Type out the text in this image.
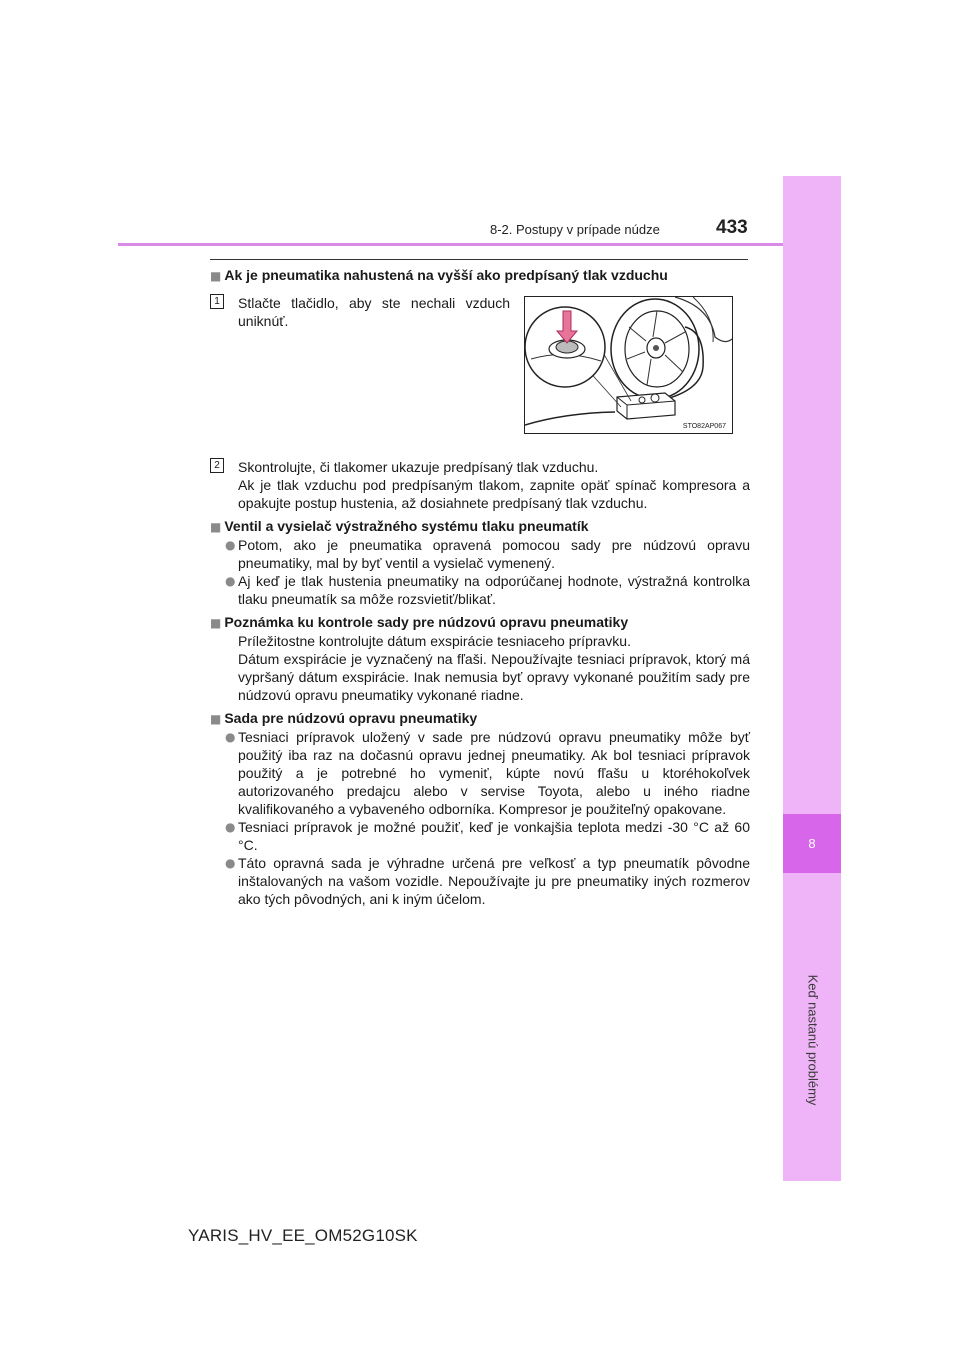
8
Keď nastanú problémy
8-2. Postupy v prípade núdze	433
STO82AP067

■ Ak je pneumatika nahustená na vyšší ako predpísaný tlak vzduchu

1	Stlačte tlačidlo, aby ste nechali vzduch uniknúť.
2	Skontrolujte, či tlakomer ukazuje predpísaný tlak vzduchu.
Ak je tlak vzduchu pod predpísaným tlakom, zapnite opäť spínač kompresora a opakujte postup hustenia, až dosiahnete predpísaný tlak vzduchu.

■ Ventil a vysielač výstražného systému tlaku pneumatík

● Potom, ako je pneumatika opravená pomocou sady pre núdzovú opravu pneumatiky, mal by byť ventil a vysielač vymenený.

● Aj keď je tlak hustenia pneumatiky na odporúčanej hodnote, výstražná kontrolka tlaku pneumatík sa môže rozsvietiť/blikať.

■ Poznámka ku kontrole sady pre núdzovú opravu pneumatiky

Príležitostne kontrolujte dátum exspirácie tesniaceho prípravku.

Dátum exspirácie je vyznačený na fľaši. Nepoužívajte tesniaci prípravok, ktorý má vypršaný dátum exspirácie. Inak nemusia byť opravy vykonané použitím sady pre núdzovú opravu pneumatiky vykonané riadne.

■ Sada pre núdzovú opravu pneumatiky

● Tesniaci prípravok uložený v sade pre núdzovú opravu pneumatiky môže byť použitý iba raz na dočasnú opravu jednej pneumatiky. Ak bol tesniaci prípravok použitý a je potrebné ho vymeniť, kúpte novú fľašu u ktoréhokoľvek autorizovaného predajcu alebo v servise Toyota, alebo u iného riadne kvalifikovaného a vybaveného odborníka. Kompresor je použiteľný opakovane.

● Tesniaci prípravok je možné použiť, keď je vonkajšia teplota medzi -30 °C až 60 °C.

● Táto opravná sada je výhradne určená pre veľkosť a typ pneumatík pôvodne inštalovaných na vašom vozidle. Nepoužívajte ju pre pneumatiky iných rozmerov ako tých pôvodných, ani k iným účelom.

YARIS_HV_EE_OM52G10SK
